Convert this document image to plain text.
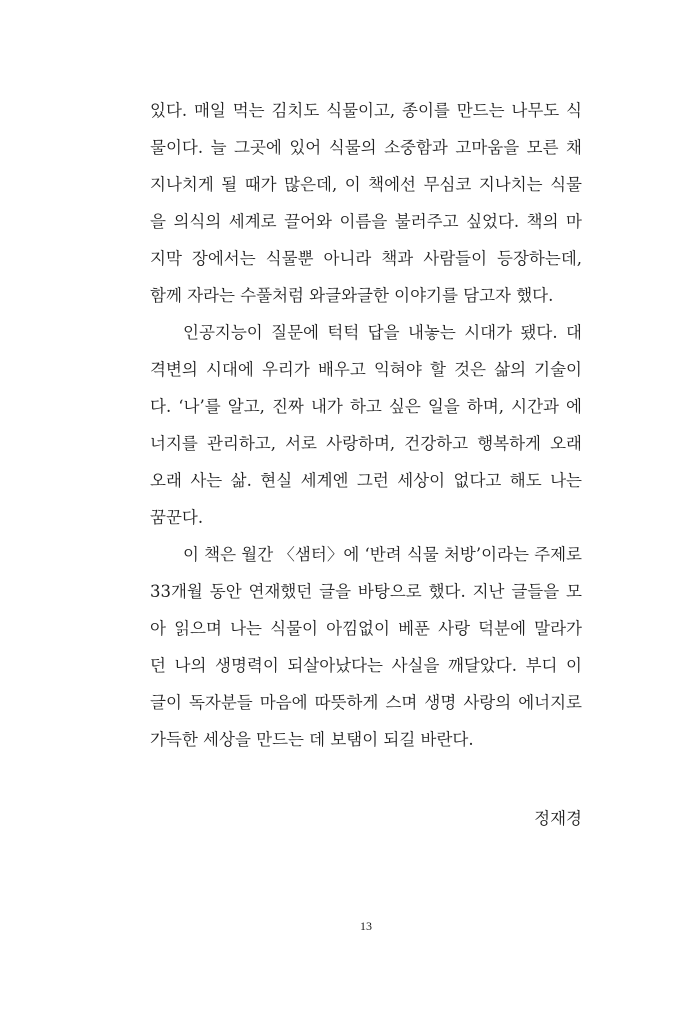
있다. 매일 먹는 김치도 식물이고, 종이를 만드는 나무도 식
물이다. 늘 그곳에 있어 식물의 소중함과 고마움을 모른 채
지나치게 될 때가 많은데, 이 책에선 무심코 지나치는 식물
을 의식의 세계로 끌어와 이름을 불러주고 싶었다. 책의 마
지막 장에서는 식물뿐 아니라 책과 사람들이 등장하는데,
함께 자라는 수풀처럼 와글와글한 이야기를 담고자 했다.
인공지능이 질문에 턱턱 답을 내놓는 시대가 됐다. 대
격변의 시대에 우리가 배우고 익혀야 할 것은 삶의 기술이
다. ‘나’를 알고, 진짜 내가 하고 싶은 일을 하며, 시간과 에
너지를 관리하고, 서로 사랑하며, 건강하고 행복하게 오래
오래 사는 삶. 현실 세계엔 그런 세상이 없다고 해도 나는
꿈꾼다.
이 책은 월간 〈샘터〉에 ‘반려 식물 처방’이라는 주제로
33개월 동안 연재했던 글을 바탕으로 했다. 지난 글들을 모
아 읽으며 나는 식물이 아낌없이 베푼 사랑 덕분에 말라가
던 나의 생명력이 되살아났다는 사실을 깨달았다. 부디 이
글이 독자분들 마음에 따뜻하게 스며 생명 사랑의 에너지로
가득한 세상을 만드는 데 보탬이 되길 바란다.
정재경
13
